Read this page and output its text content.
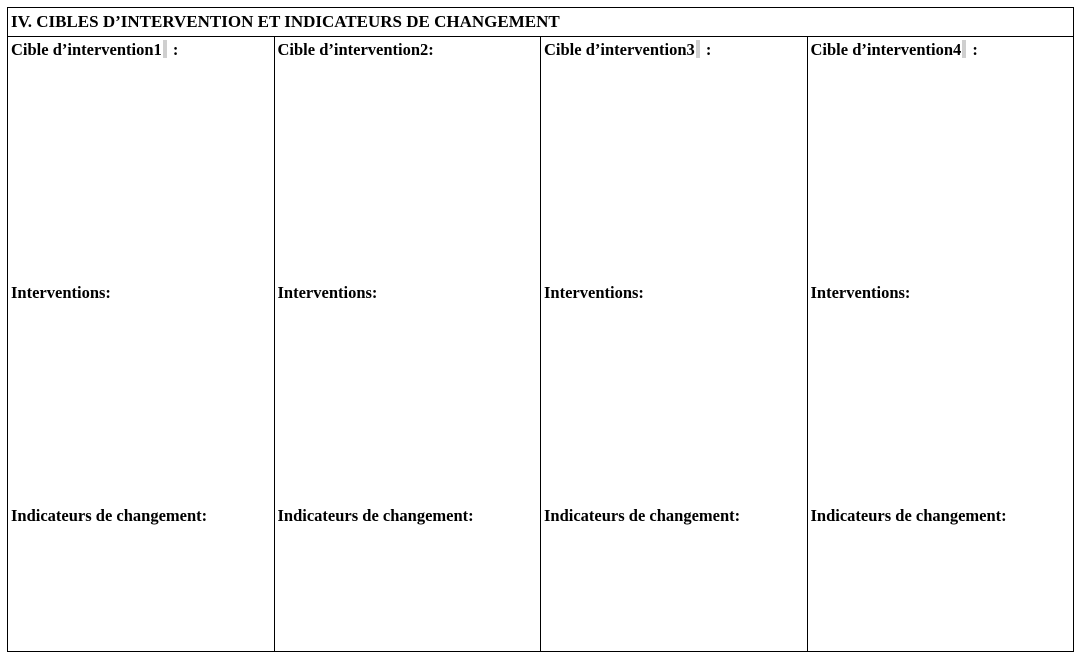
IV. CIBLES D’INTERVENTION ET INDICATEURS DE CHANGEMENT
Cible d’intervention1 :
Interventions:
Indicateurs de changement:
Cible d’intervention2:
Interventions:
Indicateurs de changement:
Cible d’intervention3 :
Interventions:
Indicateurs de changement:
Cible d’intervention4 :
Interventions:
Indicateurs de changement:
